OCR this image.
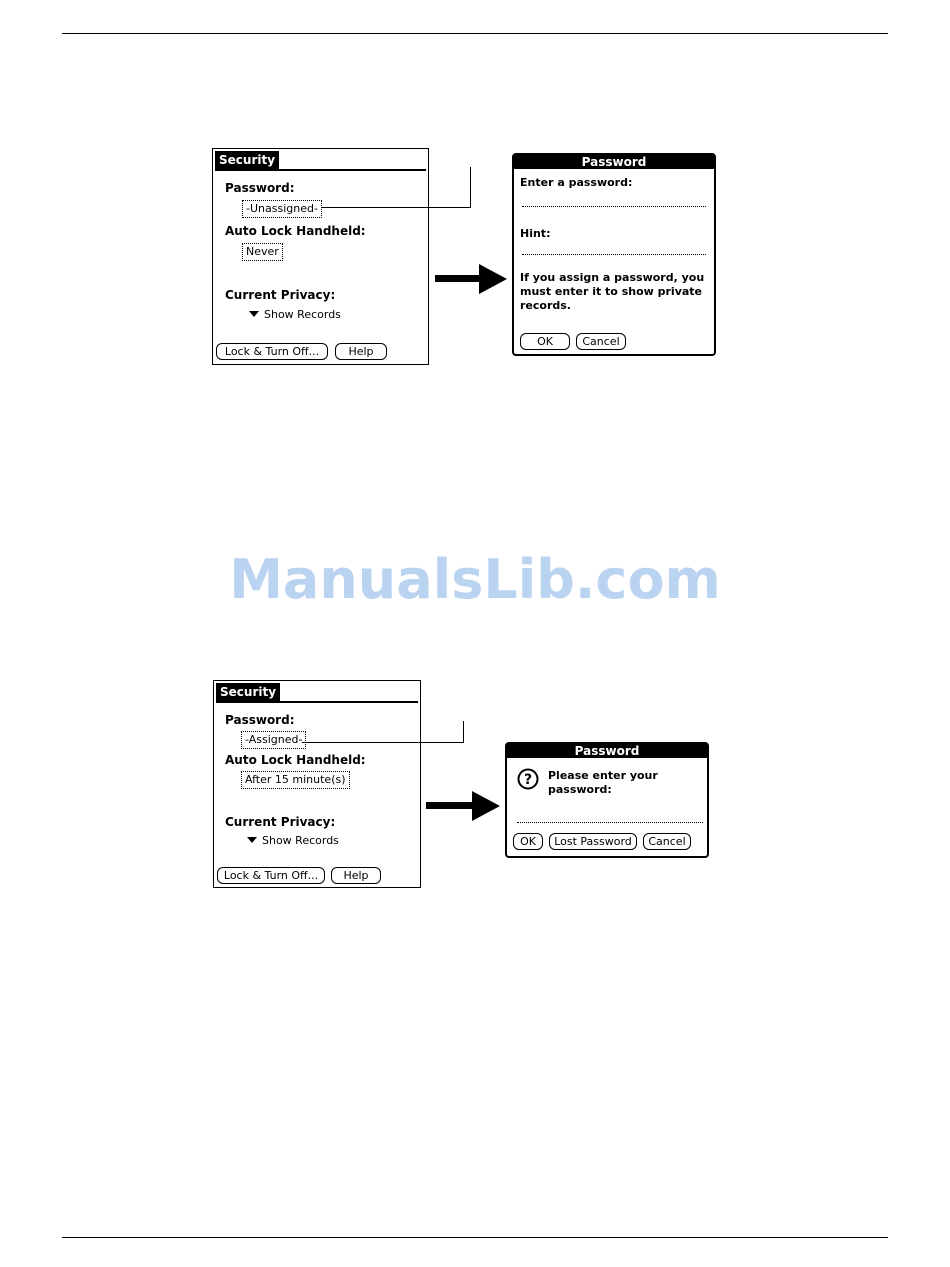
Security
Password:
-Unassigned-
Auto Lock Handheld:
Never
Current Privacy:
Show Records
Lock & Turn Off...	Help
Password
Enter a password:
Hint:
If you assign a password, you must enter it to show private records.
OK	Cancel
ManualsLib.com
Security
Password:
-Assigned-
Auto Lock Handheld:
After 15 minute(s)
Current Privacy:
Show Records
Lock & Turn Off...	Help
Password
? Please enter your password:
OK	Lost Password	Cancel
